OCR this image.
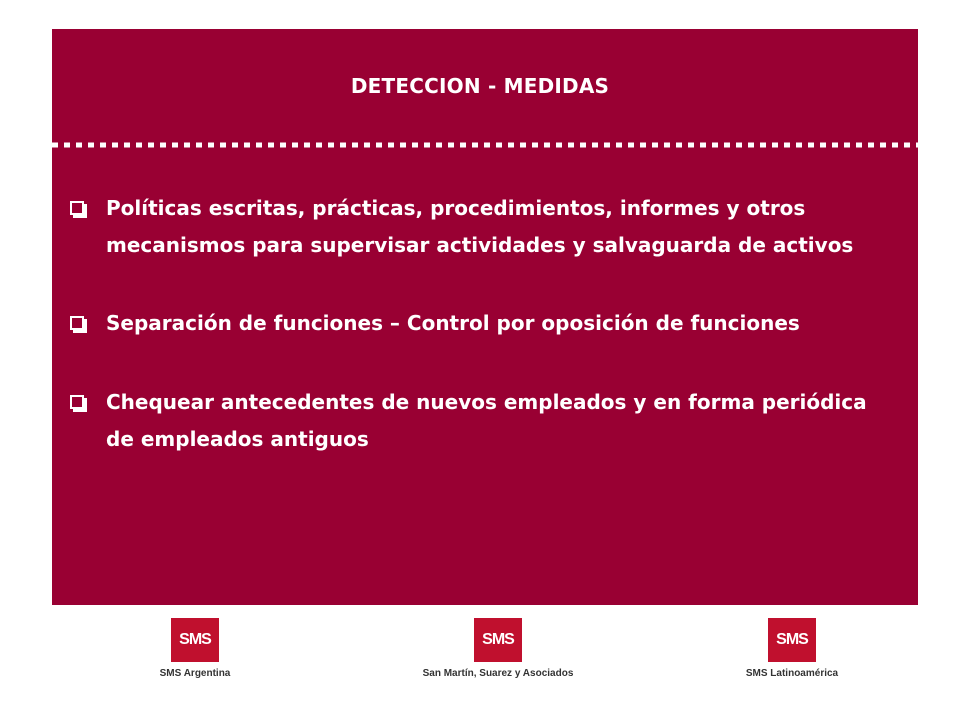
DETECCION - MEDIDAS
Políticas escritas, prácticas, procedimientos, informes y otros mecanismos para supervisar actividades y salvaguarda de activos
Separación de funciones – Control por oposición de funciones
Chequear antecedentes de nuevos empleados y en forma periódica de empleados antiguos
SMS
SMS Argentina
SMS
San Martín, Suarez y Asociados
SMS
SMS Latinoamérica
